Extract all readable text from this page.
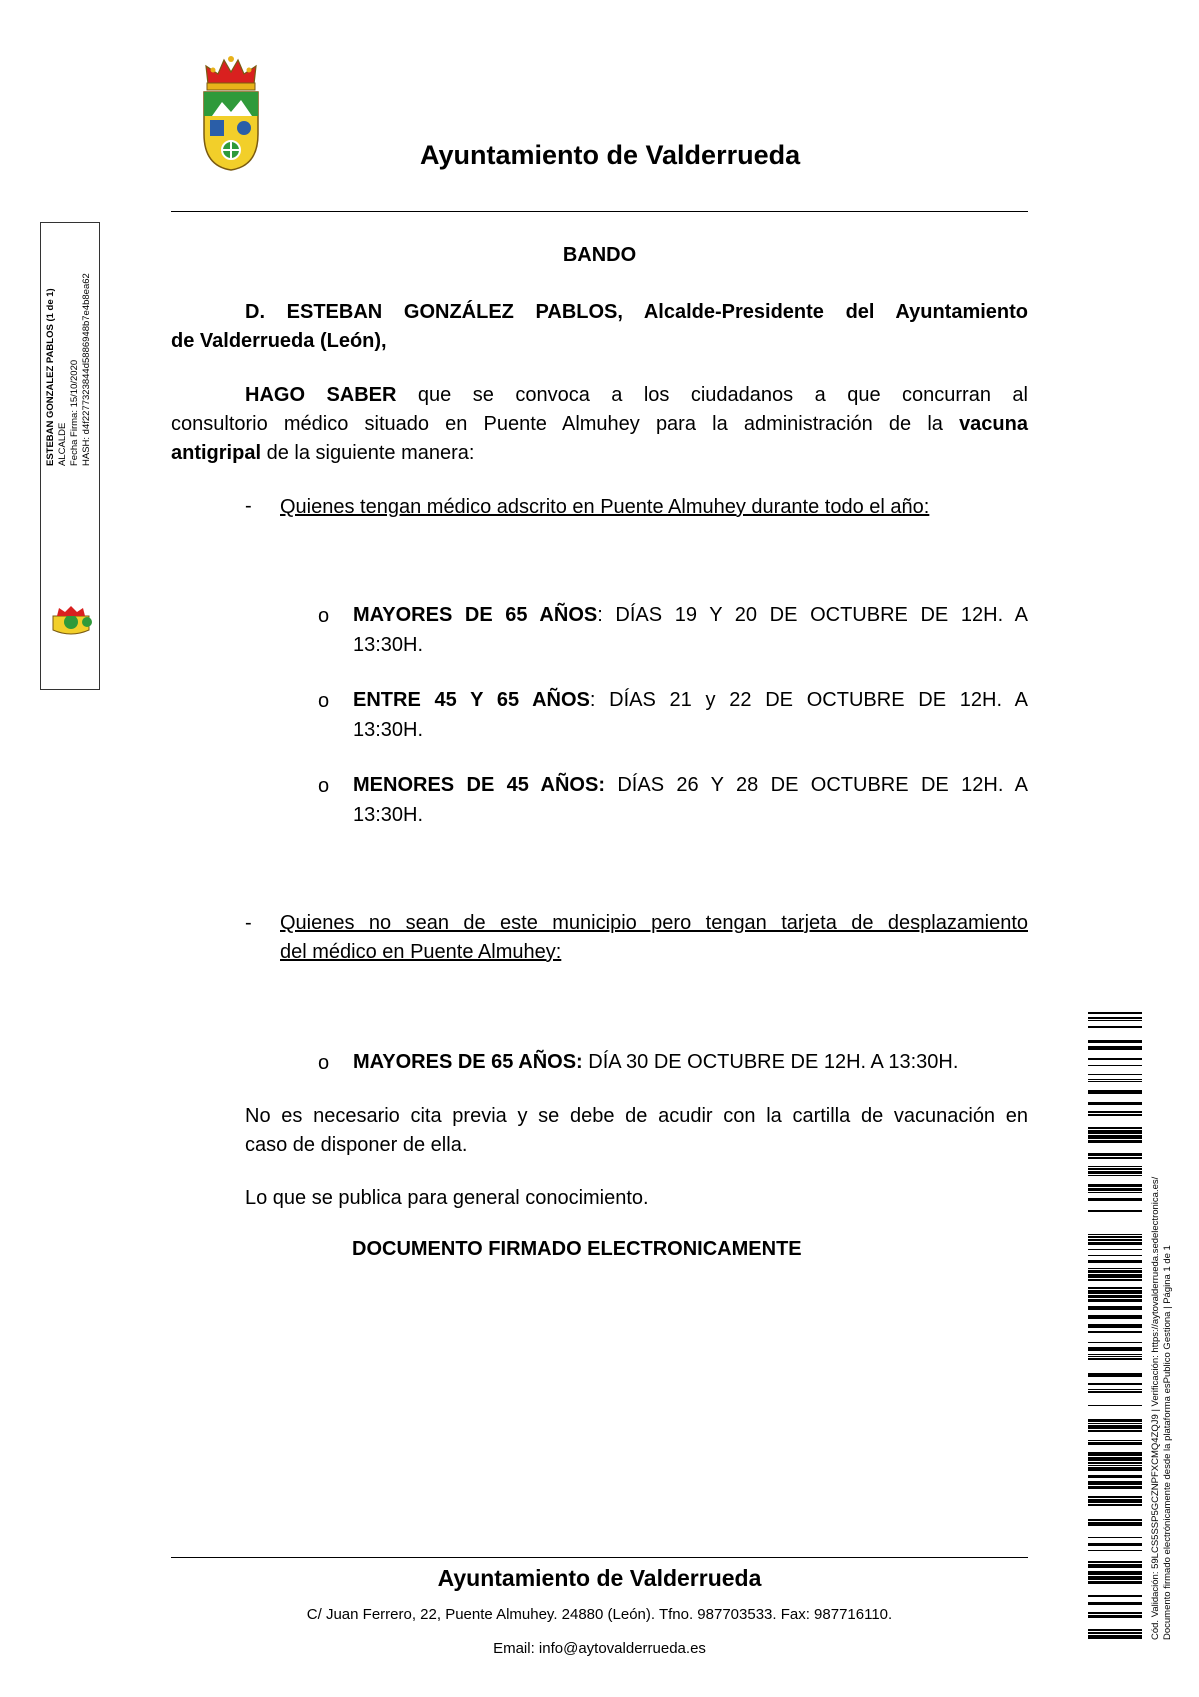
Ayuntamiento de Valderrueda
ESTEBAN GONZALEZ PABLOS (1 de 1) ALCALDE Fecha Firma: 15/10/2020 HASH: d4f2277323844d5886948b7e4b8ea62
BANDO
D. ESTEBAN GONZÁLEZ PABLOS, Alcalde-Presidente del Ayuntamiento
de Valderrueda (León),
HAGO SABER que se convoca a los ciudadanos a que concurran al
consultorio médico situado en Puente Almuhey para la administración de la vacuna
antigripal de la siguiente manera:
- Quienes tengan médico adscrito en Puente Almuhey durante todo el año:
o MAYORES DE 65 AÑOS: DÍAS 19 Y 20 DE OCTUBRE DE 12H. A
13:30H.
o ENTRE 45 Y 65 AÑOS: DÍAS 21 y 22 DE OCTUBRE DE 12H. A
13:30H.
o MENORES DE 45 AÑOS: DÍAS 26 Y 28 DE OCTUBRE DE 12H. A
13:30H.
- Quienes no sean de este municipio pero tengan tarjeta de desplazamiento
del médico en Puente Almuhey:
o MAYORES DE 65 AÑOS: DÍA 30 DE OCTUBRE DE 12H. A 13:30H.
No es necesario cita previa y se debe de acudir con la cartilla de vacunación en
caso de disponer de ella.
Lo que se publica para general conocimiento.
DOCUMENTO FIRMADO ELECTRONICAMENTE	Cód. Validación: 59LCS5SSP5GCZNPFXCMQ4ZQJ9 | Verificación: https://aytovalderrueda.sedelectronica.es/ Documento firmado electrónicamente desde la plataforma esPublico Gestiona | Página 1 de 1
Ayuntamiento de Valderrueda
C/ Juan Ferrero, 22, Puente Almuhey. 24880 (León). Tfno. 987703533. Fax: 987716110.
Email: info@aytovalderrueda.es
